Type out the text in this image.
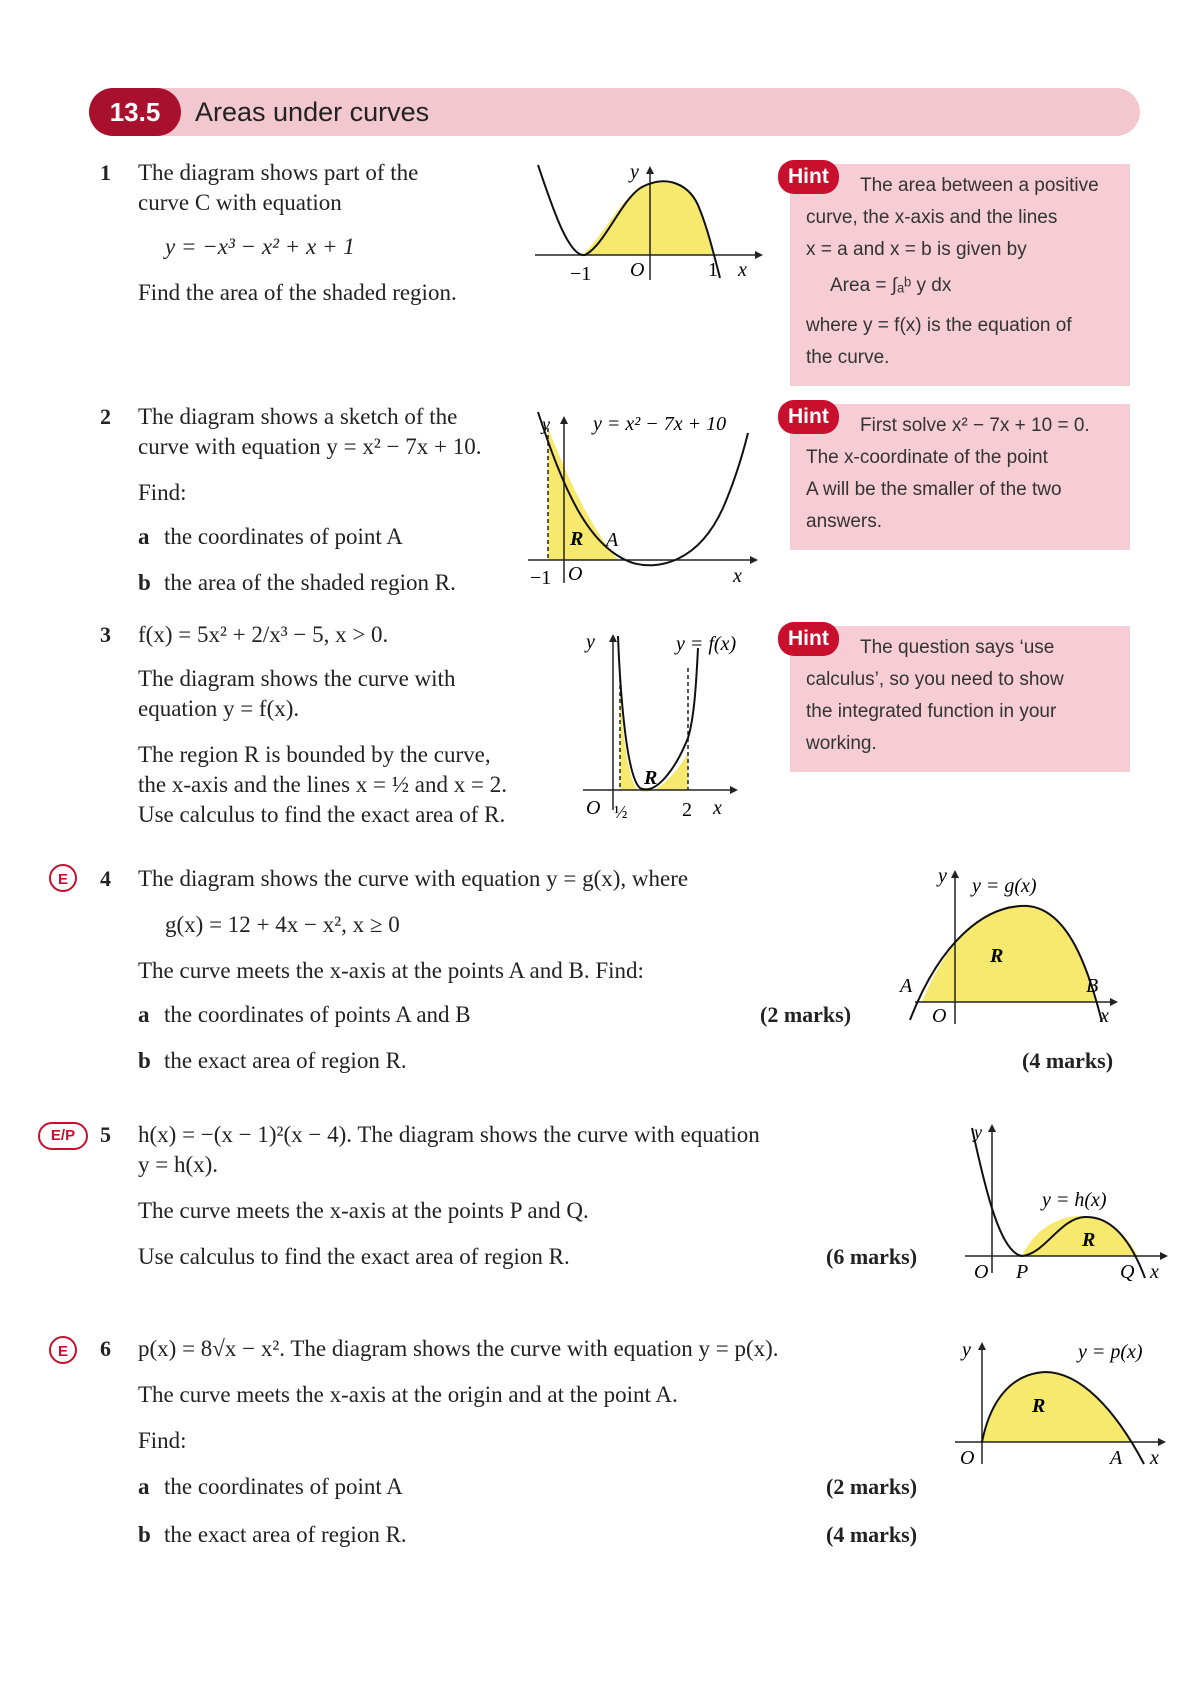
13.5	Areas under curves
1 The diagram shows part of the
curve C with equation
y = −x³ − x² + x + 1
Find the area of the shaded region.
y
x
O
−1	1
Hint	The area between a positive
curve, the x-axis and the lines
x = a and x = b is given by
Area = ∫ₐᵇ y dx
where y = f(x) is the equation of
the curve.
2 The diagram shows a sketch of the
curve with equation y = x² − 7x + 10.
Find:
a the coordinates of point A
b the area of the shaded region R.
y = x² − 7x + 10
y
x
O
−1
R A
Hint	First solve x² − 7x + 10 = 0.
The x-coordinate of the point
A will be the smaller of the two
answers.
3 f(x) = 5x² + 2/x³ − 5, x > 0.
The diagram shows the curve with
equation y = f(x).
The region R is bounded by the curve,
the x-axis and the lines x = ½ and x = 2.
Use calculus to find the exact area of R.
y = f(x)
y
x
O ½	2
R
Hint	The question says ‘use
calculus’, so you need to show
the integrated function in your
working.
E	4 The diagram shows the curve with equation y = g(x), where
g(x) = 12 + 4x − x², x ≥ 0
The curve meets the x-axis at the points A and B. Find:
a the coordinates of points A and B	(2 marks)
b the exact area of region R.	(4 marks)
y = g(x)
y
x
O
R
A	B
E/P	5 h(x) = −(x − 1)²(x − 4). The diagram shows the curve with equation
y = h(x).
The curve meets the x-axis at the points P and Q.
Use calculus to find the exact area of region R.	(6 marks)
y = h(x)
y
x
O
R
P	Q
E	6 p(x) = 8√x − x². The diagram shows the curve with equation y = p(x).
The curve meets the x-axis at the origin and at the point A.
Find:
a the coordinates of point A	(2 marks)
b the exact area of region R.	(4 marks)
y = p(x)
y
x
O
R
A
